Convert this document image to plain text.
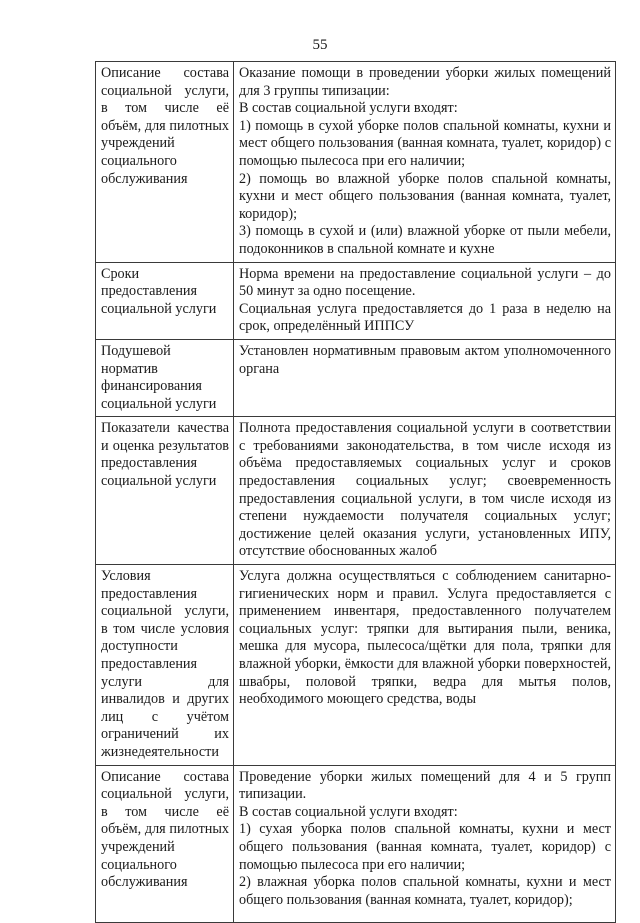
55
Описание состава социальной услуги, в том числе её объём, для пилотных учреждений социального обслуживания	Оказание помощи в проведении уборки жилых помещений для 3 группы типизации:
В состав социальной услуги входят:
1) помощь в сухой уборке полов спальной комнаты, кухни и мест общего пользования (ванная комната, туалет, коридор) с помощью пылесоса при его наличии;
2) помощь во влажной уборке полов спальной комнаты, кухни и мест общего пользования (ванная комната, туалет, коридор);
3) помощь в сухой и (или) влажной уборке от пыли мебели, подоконников в спальной комнате и кухне

Сроки предоставления социальной услуги	Норма времени на предоставление социальной услуги – до 50 минут за одно посещение.
Социальная услуга предоставляется до 1 раза в неделю на срок, определённый ИППСУ

Подушевой норматив финансирования социальной услуги	Установлен нормативным правовым актом уполномоченного органа

Показатели качества и оценка результатов предоставления социальной услуги	Полнота предоставления социальной услуги в соответствии с требованиями законодательства, в том числе исходя из объёма предоставляемых социальных услуг и сроков предоставления социальных услуг; своевременность предоставления социальной услуги, в том числе исходя из степени нуждаемости получателя социальных услуг; достижение целей оказания услуги, установленных ИПУ, отсутствие обоснованных жалоб

Условия предоставления социальной услуги, в том числе условия доступности предоставления услуги для инвалидов и других лиц с учётом ограничений их жизнедеятельности	Услуга должна осуществляться с соблюдением санитарно-гигиенических норм и правил. Услуга предоставляется с применением инвентаря, предоставленного получателем социальных услуг: тряпки для вытирания пыли, веника, мешка для мусора, пылесоса/щётки для пола, тряпки для влажной уборки, ёмкости для влажной уборки поверхностей, швабры, половой тряпки, ведра для мытья полов, необходимого моющего средства, воды

Описание состава социальной услуги, в том числе её объём, для пилотных учреждений социального обслуживания	Проведение уборки жилых помещений для 4 и 5 групп типизации.
В состав социальной услуги входят:
1) сухая уборка полов спальной комнаты, кухни и мест общего пользования (ванная комната, туалет, коридор) с помощью пылесоса при его наличии;
2) влажная уборка полов спальной комнаты, кухни и мест общего пользования (ванная комната, туалет, коридор);
